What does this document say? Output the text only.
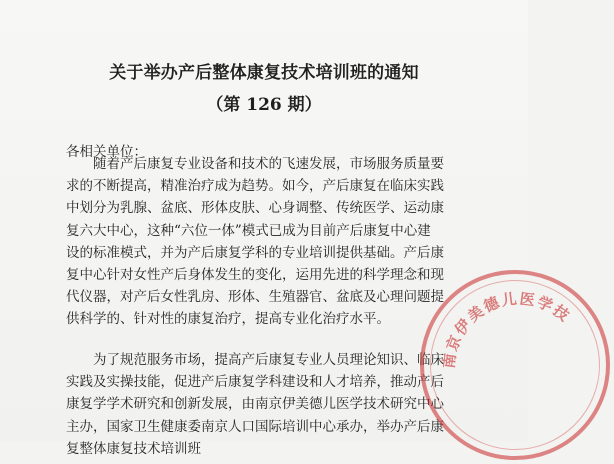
关于举办产后整体康复技术培训班的通知
（第 126 期）
各相关单位：

随着产后康复专业设备和技术的飞速发展，市场服务质量要
求的不断提高，精准治疗成为趋势。如今，产后康复在临床实践
中划分为乳腺、盆底、形体皮肤、心身调整、传统医学、运动康
复六大中心，这种“六位一体”模式已成为目前产后康复中心建
设的标准模式，并为产后康复学科的专业培训提供基础。产后康
复中心针对女性产后身体发生的变化，运用先进的科学理念和现
代仪器，对产后女性乳房、形体、生殖器官、盆底及心理问题提
供科学的、针对性的康复治疗，提高专业化治疗水平。

为了规范服务市场，提高产后康复专业人员理论知识、临床
实践及实操技能，促进产后康复学科建设和人才培养，推动产后
康复学学术研究和创新发展，由南京伊美德儿医学技术研究中心
主办，国家卫生健康委南京人口国际培训中心承办，举办产后康
复整体康复技术培训班

南京伊美德儿医学技
